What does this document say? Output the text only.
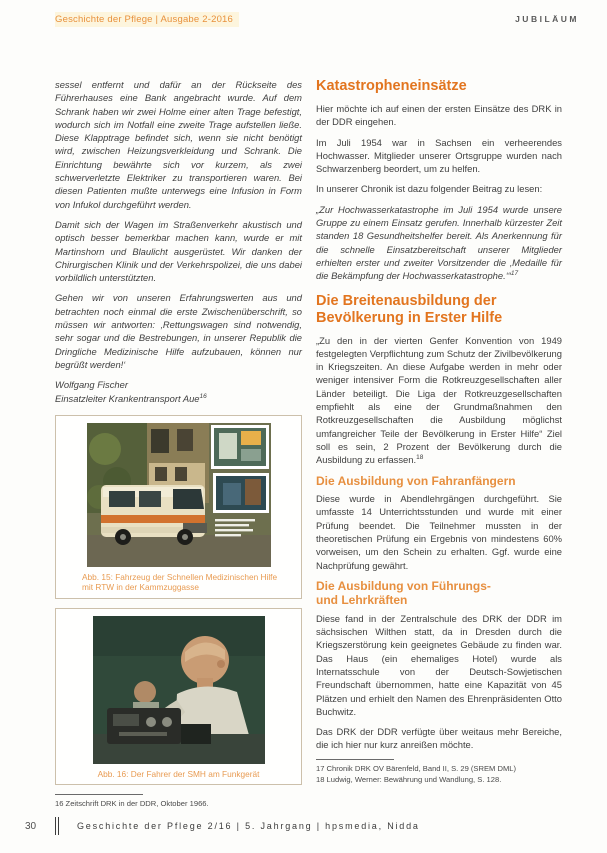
Geschichte der Pflege | Ausgabe 2-2016	JUBILÄUM

sessel entfernt und dafür an der Rückseite des Führerhauses eine Bank angebracht wurde. Auf dem Schrank haben wir zwei Holme einer alten Trage befestigt, wodurch sich im Notfall eine zweite Trage aufstellen ließe. Diese Klapptrage befindet sich, wenn sie nicht benötigt wird, zwischen Heizungsverkleidung und Schrank. Die Einrichtung bewährte sich vor kurzem, als zwei schwerverletzte Elektriker zu transportieren waren. Bei diesen Patienten mußte unterwegs eine Infusion in Form von Infukol durchgeführt werden.

Damit sich der Wagen im Straßenverkehr akustisch und optisch besser bemerkbar machen kann, wurde er mit Martinshorn und Blaulicht ausgerüstet. Wir danken der Chirurgischen Klinik und der Verkehrspolizei, die uns dabei vorbildlich unterstützten.

Gehen wir von unseren Erfahrungswerten aus und betrachten noch einmal die erste Zwischenüberschrift, so müssen wir antworten: ‚Rettungswagen sind notwendig, sehr sogar und die Bestrebungen, in unserer Republik die Dringliche Medizinische Hilfe aufzubauen, können nur begrüßt werden!‘

Wolfgang Fischer
Einsatzleiter Krankentransport Aue$^{16}$
Abb. 15: Fahrzeug der Schnellen Medizinischen Hilfe mit RTW in der Kammzuggasse
Abb. 16: Der Fahrer der SMH am Funkgerät

16 Zeitschrift DRK in der DDR, Oktober 1966.

Katastropheneinsätze

Hier möchte ich auf einen der ersten Einsätze des DRK in der DDR eingehen.

Im Juli 1954 war in Sachsen ein verheerendes Hochwasser. Mitglieder unserer Ortsgruppe wurden nach Schwarzenberg beordert, um zu helfen.

In unserer Chronik ist dazu folgender Beitrag zu lesen:

„Zur Hochwasserkatastrophe im Juli 1954 wurde unsere Gruppe zu einem Einsatz gerufen. Innerhalb kürzester Zeit standen 18 Gesundheitshelfer bereit. Als Anerkennung für die schnelle Einsatzbereitschaft unserer Mitglieder erhielten erster und zweiter Vorsitzender die ‚Medaille für die Bekämpfung der Hochwasserkatastrophe.‘“$^{17}$

Die Breitenausbildung der Bevölkerung in Erster Hilfe

„Zu den in der vierten Genfer Konvention von 1949 festgelegten Verpflichtung zum Schutz der Zivilbevölkerung in Kriegszeiten. An diese Aufgabe werden in mehr oder weniger intensiver Form die Rotkreuzgesellschaften aller Länder beteiligt. Die Liga der Rotkreuzgesellschaften empfiehlt als eine der Grundmaßnahmen den Rotkreuzgesellschaften die Ausbildung möglichst umfangreicher Teile der Bevölkerung in Erster Hilfe“ Ziel soll es sein, 2 Prozent der Bevölkerung durch die Ausbildung zu erfassen.$^{18}$

Die Ausbildung von Fahranfängern

Diese wurde in Abendlehrgängen durchgeführt. Sie umfasste 14 Unterrichtsstunden und wurde mit einer Prüfung beendet. Die Teilnehmer mussten in der theoretischen Prüfung ein Ergebnis von mindestens 60% vorweisen, um den Schein zu erhalten. Ggf. wurde eine Nachprüfung gewährt.

Die Ausbildung von Führungs-
und Lehrkräften

Diese fand in der Zentralschule des DRK der DDR im sächsischen Wilthen statt, da in Dresden durch die Kriegszerstörung kein geeignetes Gebäude zu finden war. Das Haus (ein ehemaliges Hotel) wurde als Internatsschule von der Deutsch-Sowjetischen Freundschaft übernommen, hatte eine Kapazität von 45 Plätzen und erhielt den Namen des Ehrenpräsidenten Otto Buchwitz.

Das DRK der DDR verfügte über weitaus mehr Bereiche, die ich hier nur kurz anreißen möchte.

17 Chronik DRK OV Bärenfeld, Band II, S. 29 (SREM DML)

18 Ludwig, Werner: Bewährung und Wandlung, S. 128.

30	Geschichte der Pflege 2/16 | 5. Jahrgang | hpsmedia, Nidda
